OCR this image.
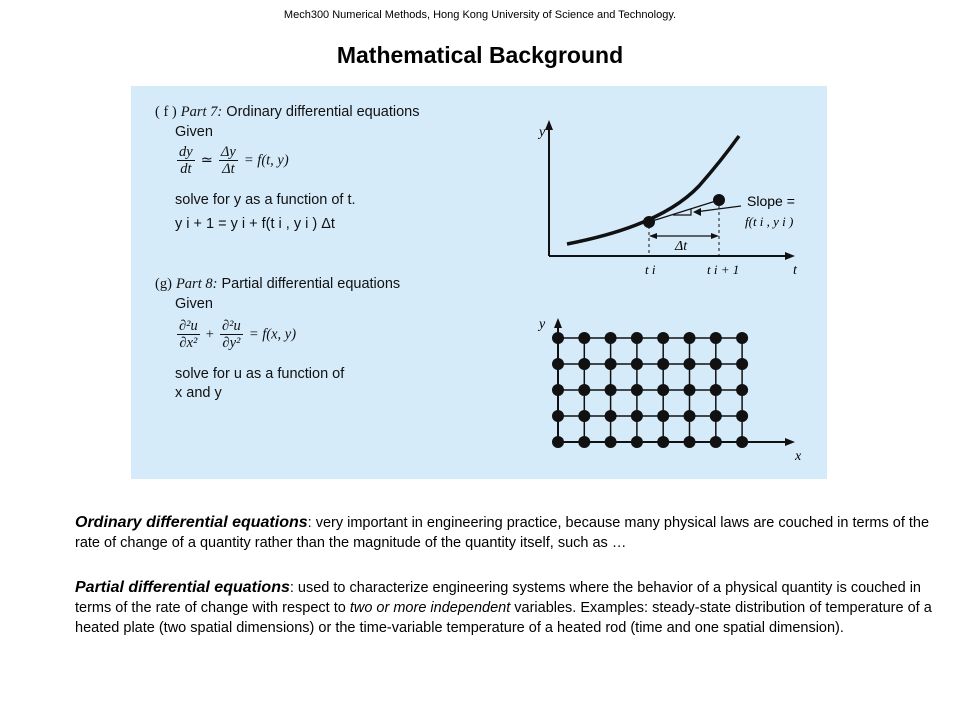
Mech300 Numerical Methods, Hong Kong University of Science and Technology.
Mathematical Background
( f ) Part 7: Ordinary differential equations
Given
$\frac{dy}{dt}$ ≃ $\frac{\Delta y}{\Delta t} = f(t$, y)
solve for y as a function of t.
y i + 1 = y i + f(t i , y i ) Δt
(g) Part 8: Partial differential equations
Given
$\frac{\text{∂²u}}{\text{∂x²}} + \frac{\text{∂²u}}{\text{∂y²}} = f(x$, y)
solve for u as a function of
x and y
y
t
Δt
t i	t i + 1
Slope =
f(t i , y i )
y
x
Ordinary differential equations: very important in engineering practice, because many physical laws are couched in terms of the rate of change of a quantity rather than the magnitude of the quantity itself, such as …
Partial differential equations: used to characterize engineering systems where the behavior of a physical quantity is couched in terms of the rate of change with respect to two or more independent variables. Examples: steady-state distribution of temperature of a heated plate (two spatial dimensions) or the time-variable temperature of a heated rod (time and one spatial dimension).
